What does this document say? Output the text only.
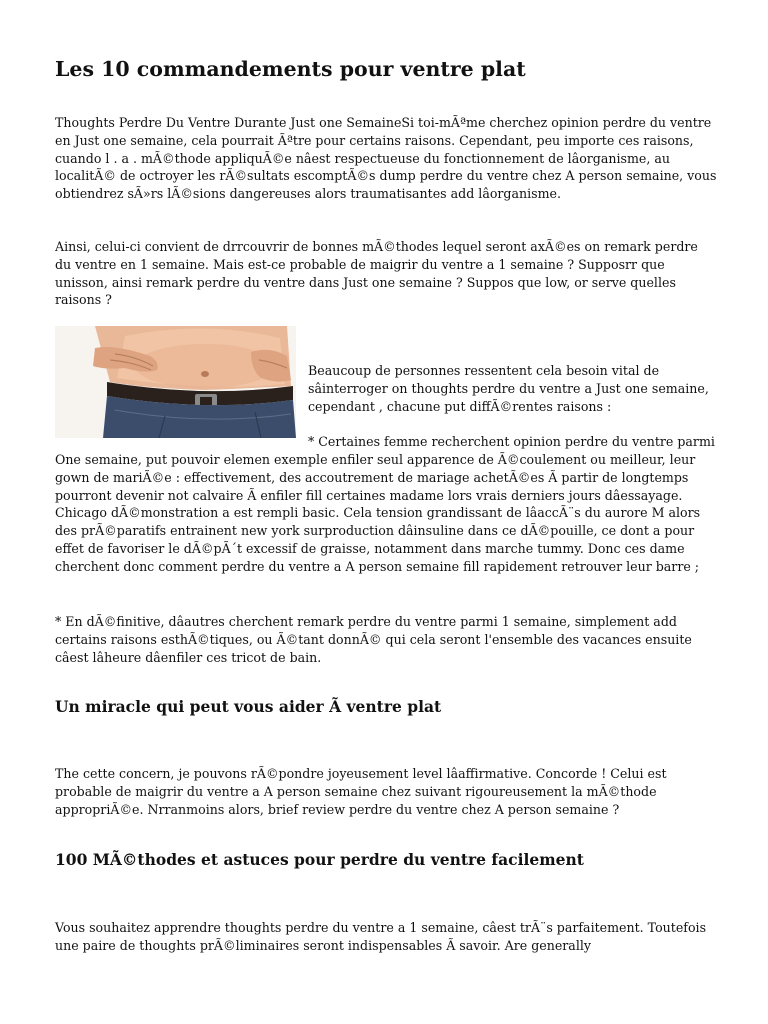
Les 10 commandements pour ventre plat

Thoughts Perdre Du Ventre Durante Just one SemaineSi toi-mÃªme cherchez opinion perdre du ventre en Just one semaine, cela pourrait Ãªtre pour certains raisons. Cependant, peu importe ces raisons, cuando l . a . mÃ©thode appliquÃ©e nâest respectueuse du fonctionnement de lâorganisme, au localitÃ© de octroyer les rÃ©sultats escomptÃ©s dump perdre du ventre chez A person semaine, vous obtiendrez sÃ»rs lÃ©sions dangereuses alors traumatisantes add lâorganisme.

Ainsi, celui-ci convient de drrcouvrir de bonnes mÃ©thodes lequel seront axÃ©es on remark perdre du ventre en 1 semaine. Mais est-ce probable de maigrir du ventre a 1 semaine ? Supposrr que unisson, ainsi remark perdre du ventre dans Just one semaine ? Suppos que low, or serve quelles raisons ?

Beaucoup de personnes ressentent cela besoin vital de sâinterroger on thoughts perdre du ventre a Just one semaine, cependant , chacune put diffÃ©rentes raisons :
* Certaines femme recherchent opinion perdre du ventre parmi One semaine, put pouvoir elemen exemple enfiler seul apparence de Ã©coulement ou meilleur, leur gown de mariÃ©e : effectivement, des accoutrement de mariage achetÃ©es Ã partir de longtemps pourront devenir not calvaire Ã enfiler fill certaines madame lors vrais derniers jours dâessayage. Chicago dÃ©monstration a est rempli basic. Cela tension grandissant de lâaccÃ¨s du aurore M alors des prÃ©paratifs entrainent new york surproduction dâinsuline dans ce dÃ©pouille, ce dont a pour effet de favoriser le dÃ©pÃ´t excessif de graisse, notamment dans marche tummy. Donc ces dame cherchent donc comment perdre du ventre a A person semaine fill rapidement retrouver leur barre ;

* En dÃ©finitive, dâautres cherchent remark perdre du ventre parmi 1 semaine, simplement add certains raisons esthÃ©tiques, ou Ã©tant donnÃ© qui cela seront l'ensemble des vacances ensuite câest lâheure dâenfiler ces tricot de bain.

Un miracle qui peut vous aider Ã ventre plat

The cette concern, je pouvons rÃ©pondre joyeusement level lâaffirmative. Concorde ! Celui est probable de maigrir du ventre a A person semaine chez suivant rigoureusement la mÃ©thode appropriÃ©e. Nrranmoins alors, brief review perdre du ventre chez A person semaine ?

100 MÃ©thodes et astuces pour perdre du ventre facilement

Vous souhaitez apprendre thoughts perdre du ventre a 1 semaine, câest trÃ¨s parfaitement. Toutefois une paire de thoughts prÃ©liminaires seront indispensables Ã savoir. Are generally
